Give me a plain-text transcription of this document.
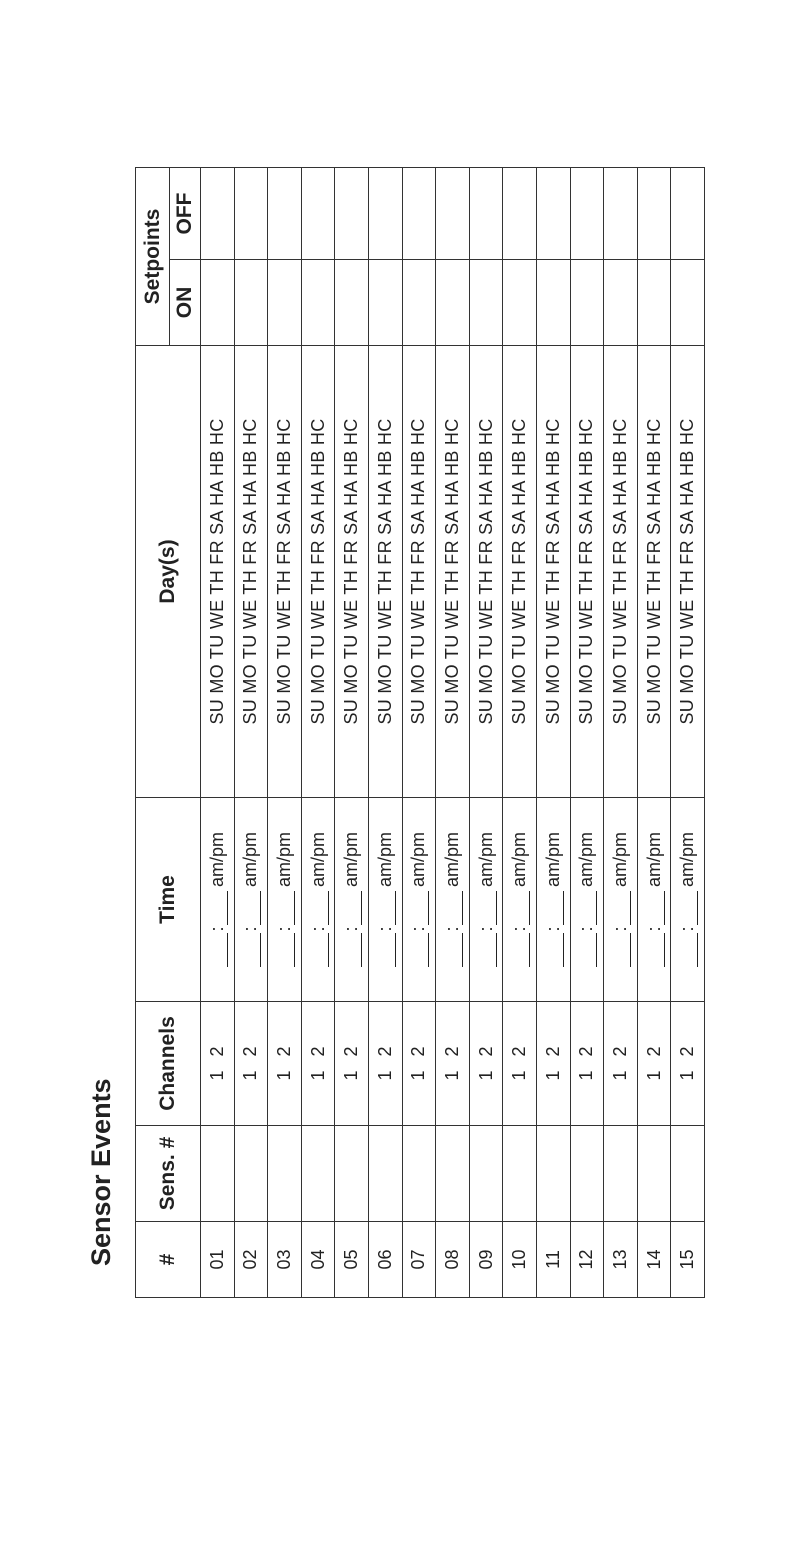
Sensor Events #	Sens. #	Channels	Time	Day(s)	Setpoints	
					ON	OFF
01		12	:am/pm	SU MO TU WE TH FR SA HA HB HC		
02		12	:am/pm	SU MO TU WE TH FR SA HA HB HC		
03		12	:am/pm	SU MO TU WE TH FR SA HA HB HC		
04		12	:am/pm	SU MO TU WE TH FR SA HA HB HC		
05		12	:am/pm	SU MO TU WE TH FR SA HA HB HC		
06		12	:am/pm	SU MO TU WE TH FR SA HA HB HC		
07		12	:am/pm	SU MO TU WE TH FR SA HA HB HC		
08		12	:am/pm	SU MO TU WE TH FR SA HA HB HC		
09		12	:am/pm	SU MO TU WE TH FR SA HA HB HC		
10		12	:am/pm	SU MO TU WE TH FR SA HA HB HC		
11		12	:am/pm	SU MO TU WE TH FR SA HA HB HC		
12		12	:am/pm	SU MO TU WE TH FR SA HA HB HC		
13		12	:am/pm	SU MO TU WE TH FR SA HA HB HC		
14		12	:am/pm	SU MO TU WE TH FR SA HA HB HC		
15		12	:am/pm	SU MO TU WE TH FR SA HA HB HC		
